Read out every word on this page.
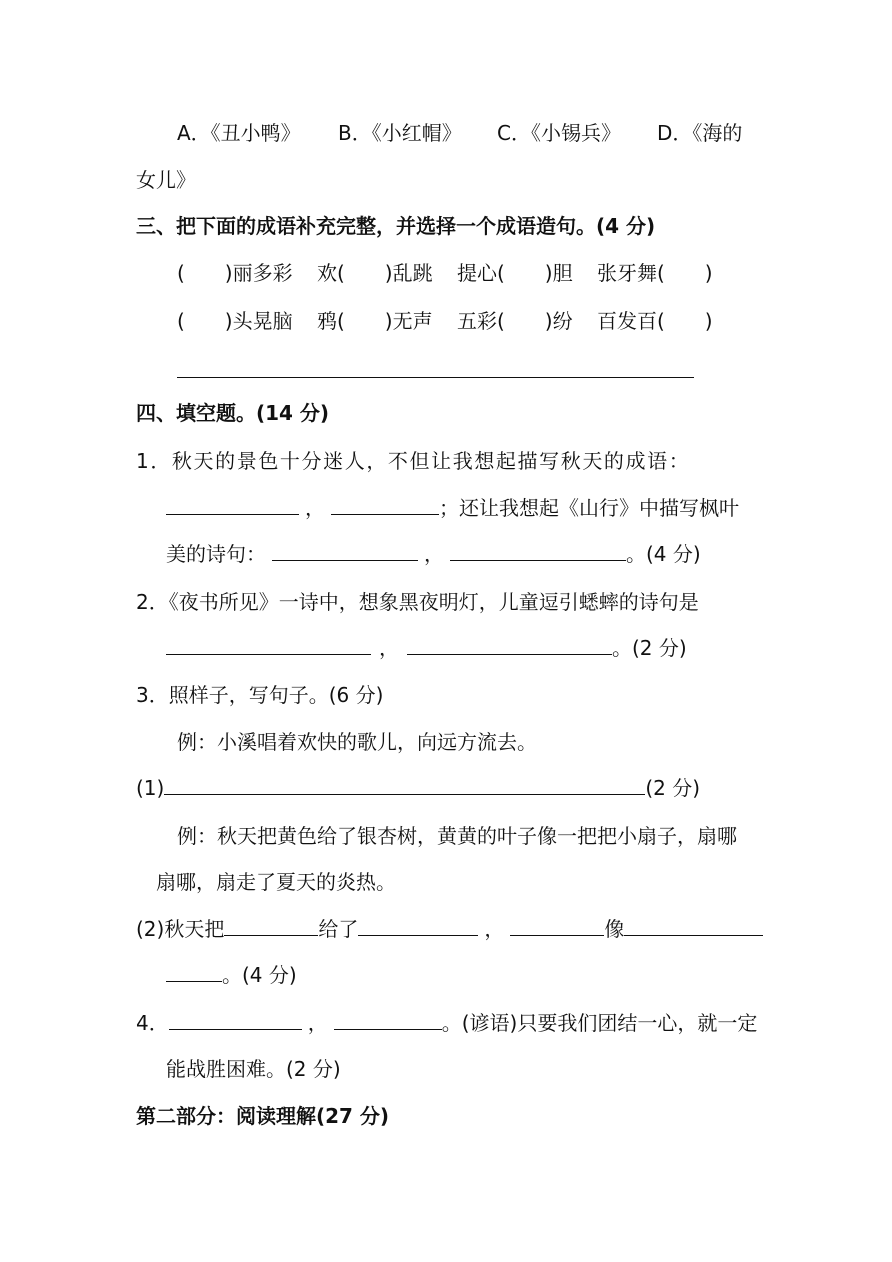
A．《丑小鸭》 B．《小红帽》 C．《小锡兵》 D．《海的
女儿》
三、把下面的成语补充完整，并选择一个成语造句。(4 分)
(　　)丽多彩 欢(　　)乱跳 提心(　　)胆 张牙舞(　　)
(　　)头晃脑 鸦(　　)无声 五彩(　　)纷 百发百(　　)
四、填空题。(14 分)
1．秋天的景色十分迷人，不但让我想起描写秋天的成语：
，	；还让我想起《山行》中描写枫叶
美的诗句：	，	。(4 分)
2．《夜书所见》一诗中，想象黑夜明灯，儿童逗引蟋蟀的诗句是
，	。(2 分)
3．照样子，写句子。(6 分)
例：小溪唱着欢快的歌儿，向远方流去。
(1)	(2 分)
例：秋天把黄色给了银杏树，黄黄的叶子像一把把小扇子，扇哪
扇哪，扇走了夏天的炎热。
(2)秋天把	给了	，	像
。(4 分)
4．	，	。(谚语)只要我们团结一心，就一定
能战胜困难。(2 分)
第二部分：阅读理解(27 分)
